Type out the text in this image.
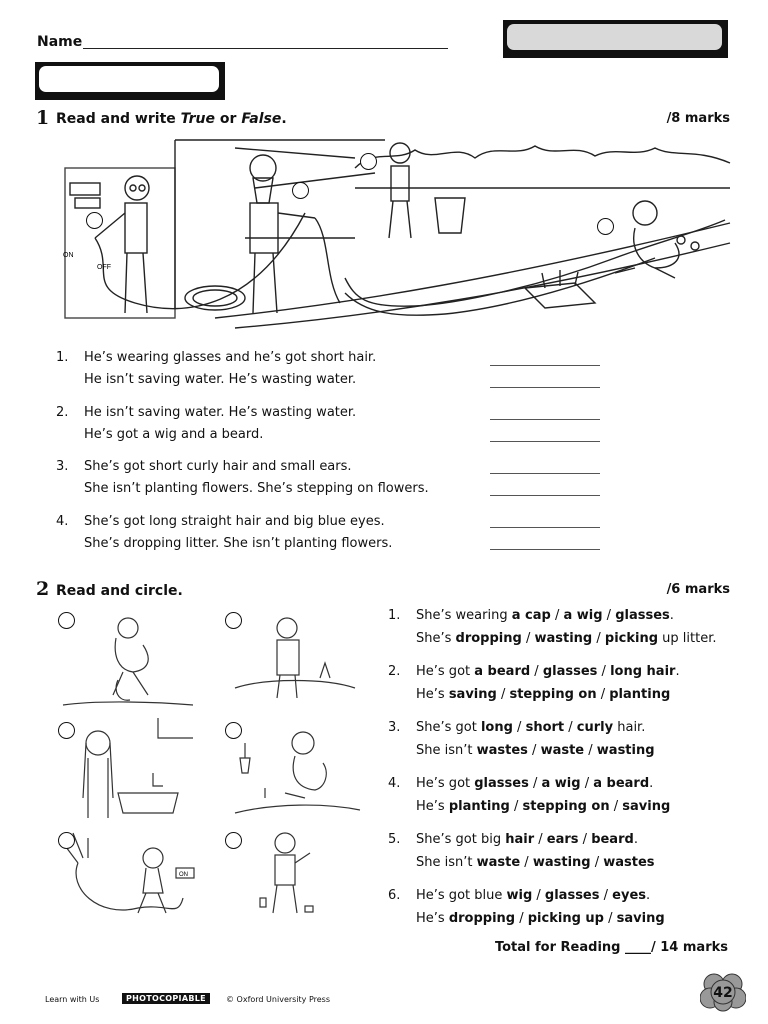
Name
1 Read and write True or False.	/8 marks
ON
OFF
1.	He’s wearing glasses and he’s got short hair.
He isn’t saving water. He’s wasting water.
2.	He isn’t saving water. He’s wasting water.
He’s got a wig and a beard.
3.	She’s got short curly hair and small ears.
She isn’t planting flowers. She’s stepping on flowers.
4.	She’s got long straight hair and big blue eyes.
She’s dropping litter. She isn’t planting flowers.
2 Read and circle.	/6 marks
ON
1. She’s wearing a cap / a wig / glasses.
She’s dropping / wasting / picking up litter.
2. He’s got a beard / glasses / long hair.
He’s saving / stepping on / planting
3. She’s got long / short / curly hair.
She isn’t wastes / waste / wasting
4. He’s got glasses / a wig / a beard.
He’s planting / stepping on / saving
5. She’s got big hair / ears / beard.
She isn’t waste / wasting / wastes
6. He’s got blue wig / glasses / eyes.
He’s dropping / picking up / saving
Total for Reading ____/ 14 marks
Learn with Us	PHOTOCOPIABLE	© Oxford University Press	42
